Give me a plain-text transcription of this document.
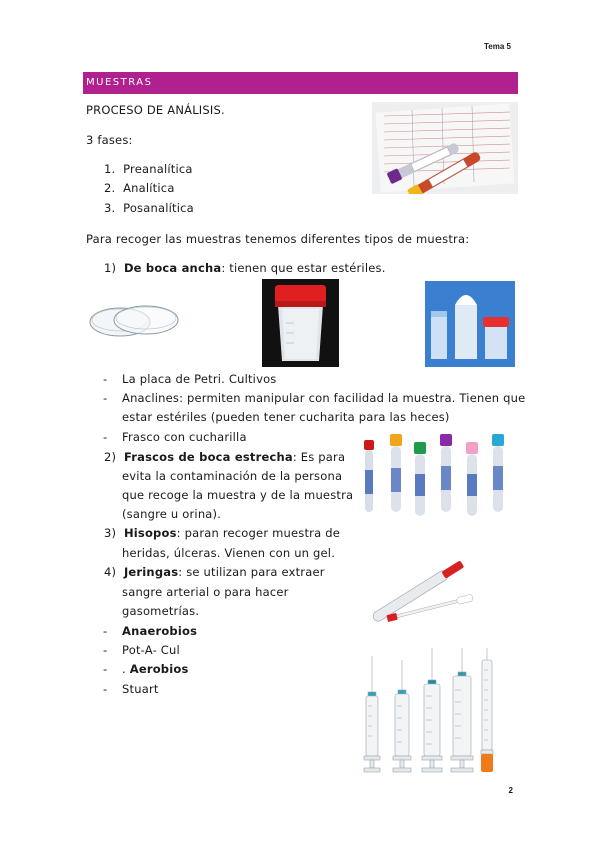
Tema 5
MUESTRAS
PROCESO DE ANÁLISIS.
3 fases:
1. Preanalítica
2. Analítica
3. Posanalítica
Para recoger las muestras tenemos diferentes tipos de muestra:
1) De boca ancha: tienen que estar estériles.
- La placa de Petri. Cultivos
- Anaclines: permiten manipular con facilidad la muestra. Tienen que
estar estériles (pueden tener cucharita para las heces)
- Frasco con cucharilla
2) Frascos de boca estrecha: Es para
evita la contaminación de la persona
que recoge la muestra y de la muestra
(sangre u orina).
3) Hisopos: paran recoger muestra de
heridas, úlceras. Vienen con un gel.
4) Jeringas: se utilizan para extraer
sangre arterial o para hacer
gasometrías.
- Anaerobios
- Pot-A- Cul
- . Aerobios
- Stuart
2
